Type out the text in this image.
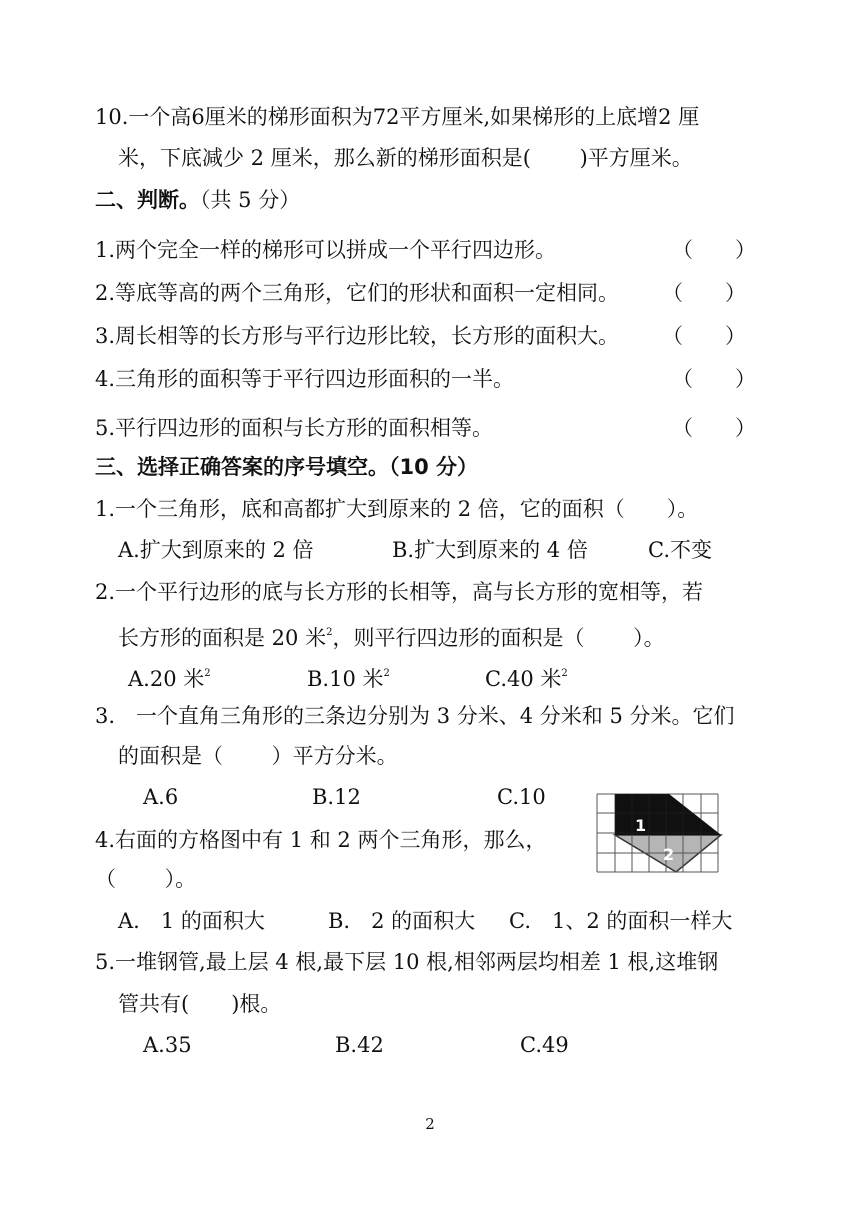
10.一个高6厘米的梯形面积为72平方厘米,如果梯形的上底增2 厘
米，下底减少 2 厘米，那么新的梯形面积是(　　 )平方厘米。
二、判断。（共 5 分）
1.两个完全一样的梯形可以拼成一个平行四边形。	（　　）
2.等底等高的两个三角形，它们的形状和面积一定相同。 （　　）
3.周长相等的长方形与平行边形比较，长方形的面积大。 （　　）
4.三角形的面积等于平行四边形面积的一半。	（　　）
5.平行四边形的面积与长方形的面积相等。	（　　）
三、选择正确答案的序号填空。（10 分）
1.一个三角形，底和高都扩大到原来的 2 倍，它的面积（　　）。
A.扩大到原来的 2 倍	B.扩大到原来的 4 倍	C.不变
2.一个平行边形的底与长方形的长相等，高与长方形的宽相等，若
长方形的面积是 20 米$^2$，则平行四边形的面积是（　　 ）。
A.20 米$^2$	B.10 米$^2$	C.40 米$^2$
3.　一个直角三角形的三条边分别为 3 分米、4 分米和 5 分米。它们
的面积是（　　 ）平方分米。
A.6	B.12	C.10
4.右面的方格图中有 1 和 2 两个三角形，那么，
（　　 ）。
1
2
A.　1 的面积大	B.　2 的面积大 C.　1、2 的面积一样大
5.一堆钢管,最上层 4 根,最下层 10 根,相邻两层均相差 1 根,这堆钢
管共有(　　)根。
A.35	B.42	C.49
2
